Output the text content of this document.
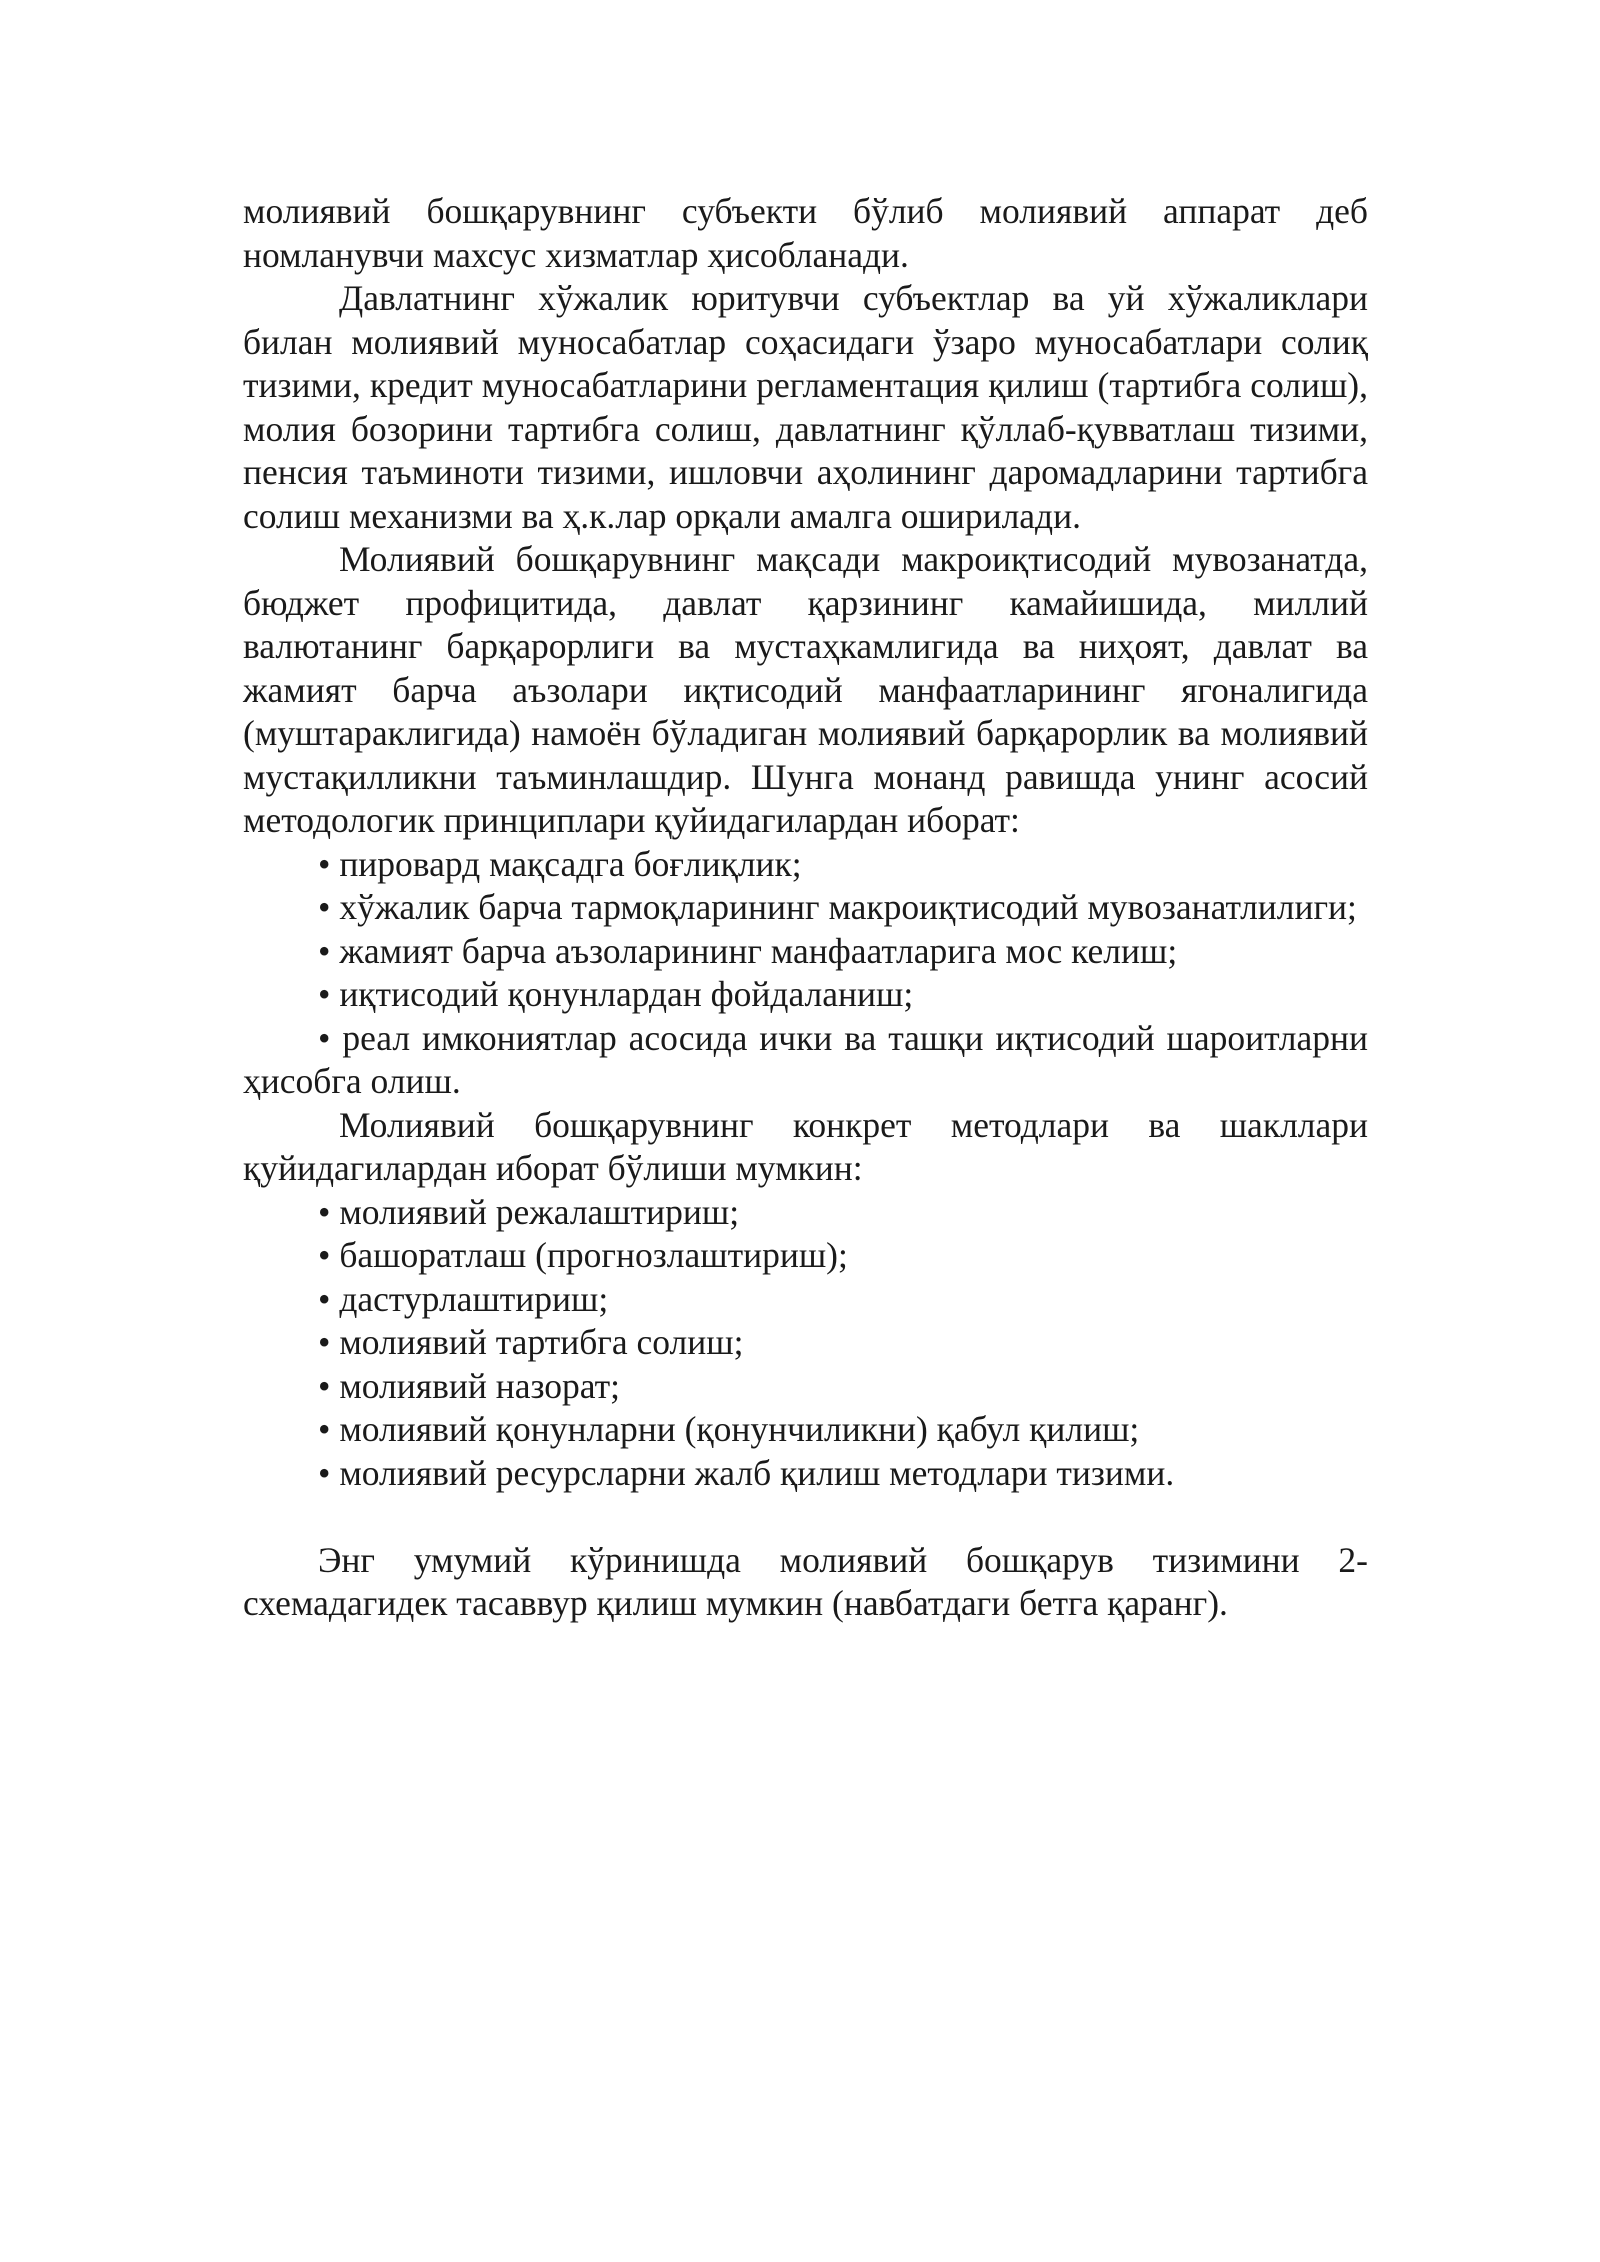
молиявий бошқарувнинг субъекти бўлиб молиявий аппарат деб номланувчи махсус хизматлар ҳисобланади.

Давлатнинг хўжалик юритувчи субъектлар ва уй хўжаликлари билан молиявий муносабатлар соҳасидаги ўзаро муносабатлари солиқ тизими, кредит муносабатларини регламентация қилиш (тартибга солиш), молия бозорини тартибга солиш, давлатнинг қўллаб-қувватлаш тизими, пенсия таъминоти тизими, ишловчи аҳолининг даромадларини тартибга солиш механизми ва ҳ.к.лар орқали амалга оширилади.

Молиявий бошқарувнинг мақсади макроиқтисодий мувозанатда, бюджет профицитида, давлат қарзининг камайишида, миллий валютанинг барқарорлиги ва мустаҳкамлигида ва ниҳоят, давлат ва жамият барча аъзолари иқтисодий манфаатларининг ягоналигида (муштараклигида) намоён бўладиган молиявий барқарорлик ва молиявий мустақилликни таъминлашдир. Шунга монанд равишда унинг асосий методологик принциплари қуйидагилардан иборат:

• пировард мақсадга боғлиқлик;
• хўжалик барча тармоқларининг макроиқтисодий мувозанатлилиги;
• жамият барча аъзоларининг манфаатларига мос келиш;
• иқтисодий қонунлардан фойдаланиш;
• реал имкониятлар асосида ички ва ташқи иқтисодий шароитларни ҳисобга олиш.

Молиявий бошқарувнинг конкрет методлари ва шакллари қуйидагилардан иборат бўлиши мумкин:

• молиявий режалаштириш;
• башоратлаш (прогнозлаштириш);
• дастурлаштириш;
• молиявий тартибга солиш;
• молиявий назорат;
• молиявий қонунларни (қонунчиликни) қабул қилиш;
• молиявий ресурсларни жалб қилиш методлари тизими.

Энг умумий кўринишда молиявий бошқарув тизимини 2-схемадагидек тасаввур қилиш мумкин (навбатдаги бетга қаранг).
